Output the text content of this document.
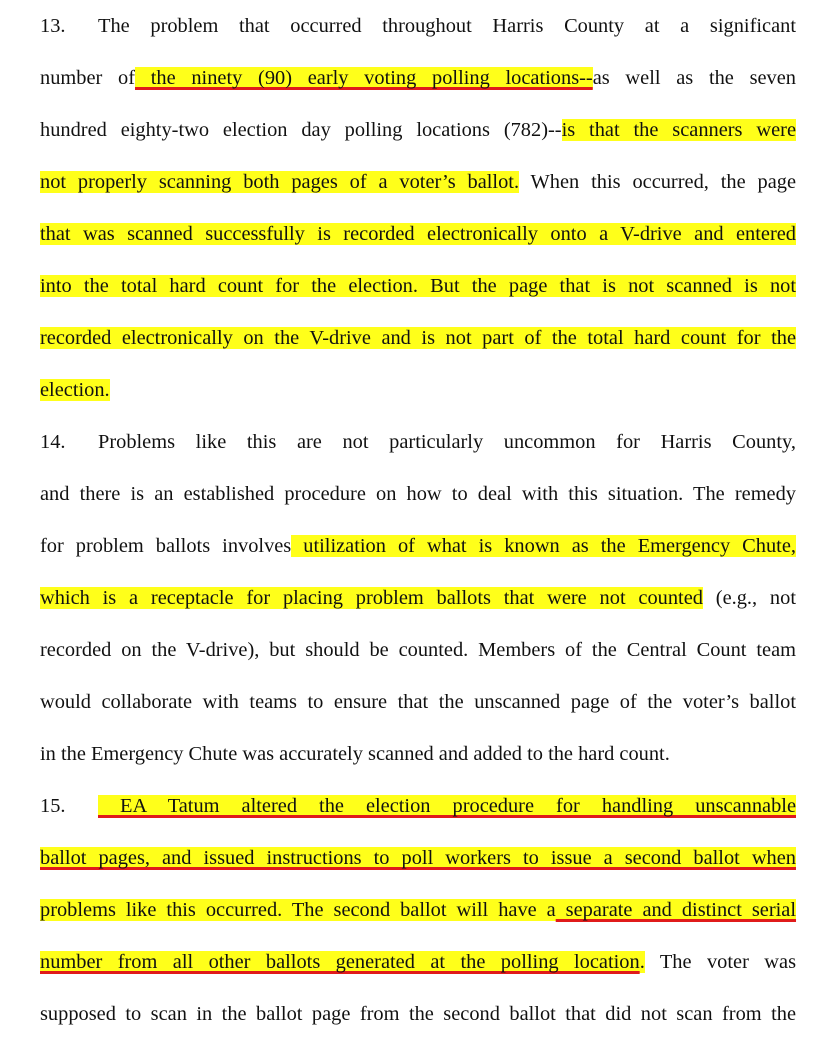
13. The problem that occurred throughout Harris County at a significant
number of the ninety (90) early voting polling locations--as well as the seven
hundred eighty-two election day polling locations (782)--is that the scanners were
not properly scanning both pages of a voter’s ballot. When this occurred, the page
that was scanned successfully is recorded electronically onto a V-drive and entered
into the total hard count for the election. But the page that is not scanned is not
recorded electronically on the V-drive and is not part of the total hard count for the
election.
14. Problems like this are not particularly uncommon for Harris County,
and there is an established procedure on how to deal with this situation. The remedy
for problem ballots involves utilization of what is known as the Emergency Chute,
which is a receptacle for placing problem ballots that were not counted (e.g., not
recorded on the V-drive), but should be counted. Members of the Central Count team
would collaborate with teams to ensure that the unscanned page of the voter’s ballot
in the Emergency Chute was accurately scanned and added to the hard count.
15. EA Tatum altered the election procedure for handling unscannable
ballot pages, and issued instructions to poll workers to issue a second ballot when
problems like this occurred. The second ballot will have a separate and distinct serial
number from all other ballots generated at the polling location. The voter was
supposed to scan in the ballot page from the second ballot that did not scan from the
